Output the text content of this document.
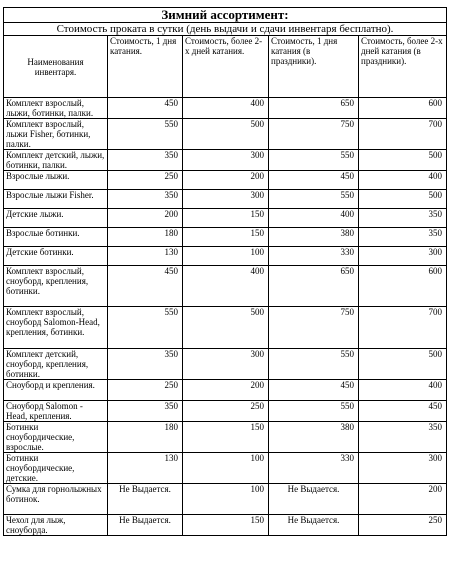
Зимний ассортимент:				
Стоимость проката в сутки (день выдачи и сдачи инвентаря бесплатно).				
Наименования инвентаря.	Стоимость, 1 дня катания.	Стоимость, более 2-х дней катания.	Стоимость, 1 дня катания (в праздники).	Стоимость, более 2-х дней катания (в праздники).
Комплект взрослый, лыжи, ботинки, палки.	450	400	650	600
Комплект взрослый, лыжи Fisher, ботинки, палки.	550	500	750	700
Комплект детский, лыжи, ботинки, палки.	350	300	550	500
Взрослые лыжи.	250	200	450	400
Взрослые лыжи Fisher.	350	300	550	500
Детские лыжи.	200	150	400	350
Взрослые ботинки.	180	150	380	350
Детские ботинки.	130	100	330	300
Комплект взрослый, сноуборд, крепления, ботинки.	450	400	650	600
Комплект взрослый, сноуборд Salomon-Head, крепления, ботинки.	550	500	750	700
Комплект детский, сноуборд, крепления, ботинки.	350	300	550	500
Сноуборд и крепления.	250	200	450	400
Сноуборд Salomon - Head, крепления.	350	250	550	450
Ботинки сноубордические, взрослые.	180	150	380	350
Ботинки сноубордические, детские.	130	100	330	300
Сумка для горнолыжных ботинок.	Не Выдается.	100	Не Выдается.	200
Чехол для лыж, сноуборда.	Не Выдается.	150	Не Выдается.	250
